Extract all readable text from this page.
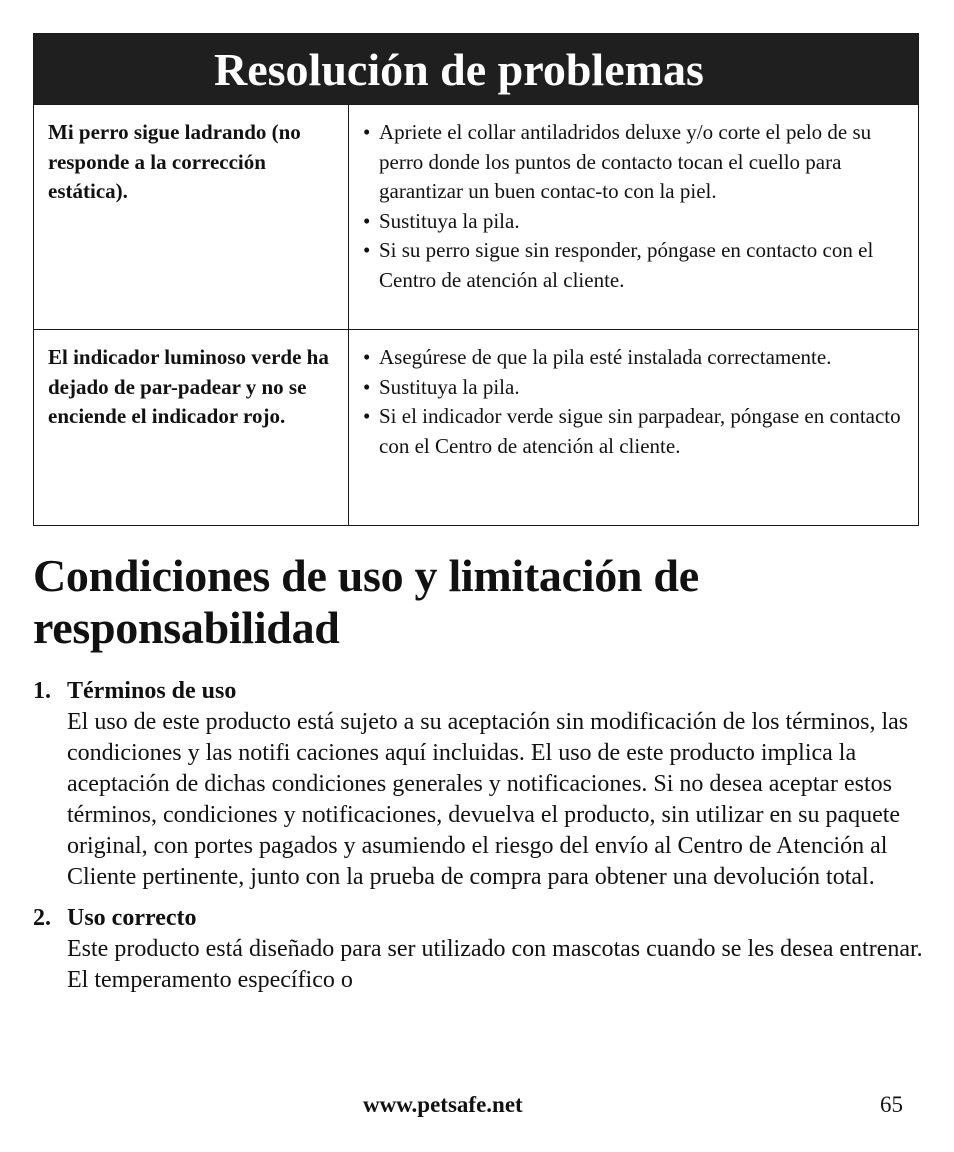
Resolución de problemas
Mi perro sigue ladrando (no responde a la corrección estática).
• Apriete el collar antiladridos deluxe y/o corte el pelo de su perro donde los puntos de contacto tocan el cuello para garantizar un buen contac-to con la piel.
• Sustituya la pila.
• Si su perro sigue sin responder, póngase en contacto con el Centro de atención al cliente.
El indicador luminoso verde ha dejado de par-padear y no se enciende el indicador rojo.
• Asegúrese de que la pila esté instalada correctamente.
• Sustituya la pila.
• Si el indicador verde sigue sin parpadear, póngase en contacto con el Centro de atención al cliente.
Condiciones de uso y limitación de responsabilidad
1. Términos de uso
El uso de este producto está sujeto a su aceptación sin modificación de los términos, las condiciones y las notifi caciones aquí incluidas. El uso de este producto implica la aceptación de dichas condiciones generales y notificaciones. Si no desea aceptar estos términos, condiciones y notificaciones, devuelva el producto, sin utilizar en su paquete original, con portes pagados y asumiendo el riesgo del envío al Centro de Atención al Cliente pertinente, junto con la prueba de compra para obtener una devolución total.
2. Uso correcto
Este producto está diseñado para ser utilizado con mascotas cuando se les desea entrenar. El temperamento específico o
www.petsafe.net	65
